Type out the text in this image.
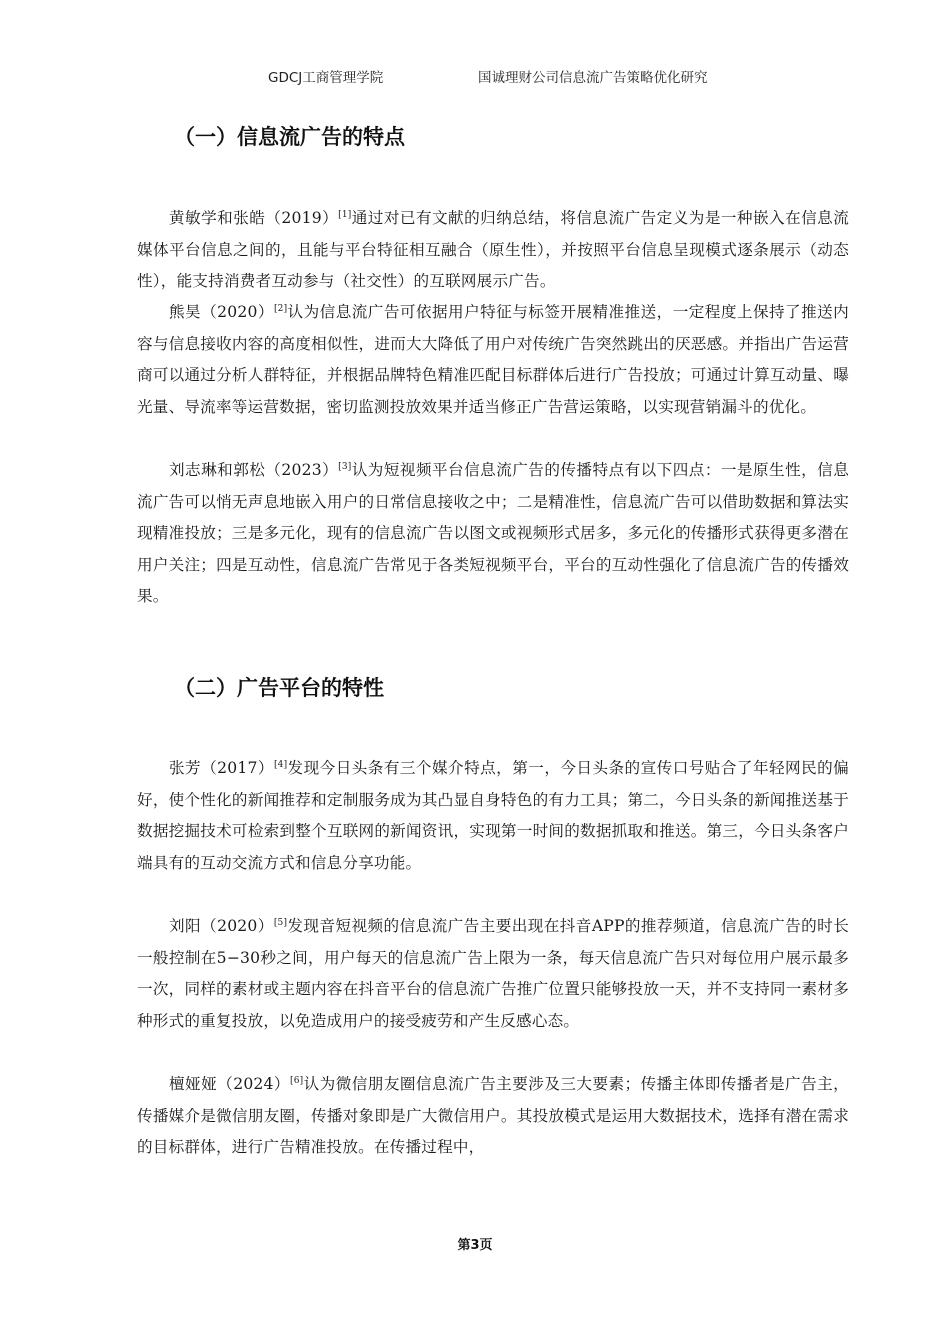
GDCJ工商管理学院	国诚理财公司信息流广告策略优化研究
（一）信息流广告的特点

黄敏学和张皓（2019）[1]通过对已有文献的归纳总结，将信息流广告定义为是一种嵌入在信息流媒体平台信息之间的，且能与平台特征相互融合（原生性），并按照平台信息呈现模式逐条展示（动态性），能支持消费者互动参与（社交性）的互联网展示广告。

熊昊（2020）[2]认为信息流广告可依据用户特征与标签开展精准推送，一定程度上保持了推送内容与信息接收内容的高度相似性，进而大大降低了用户对传统广告突然跳出的厌恶感。并指出广告运营商可以通过分析人群特征，并根据品牌特色精准匹配目标群体后进行广告投放；可通过计算互动量、曝光量、导流率等运营数据，密切监测投放效果并适当修正广告营运策略，以实现营销漏斗的优化。

刘志琳和郭松（2023）[3]认为短视频平台信息流广告的传播特点有以下四点：一是原生性，信息流广告可以悄无声息地嵌入用户的日常信息接收之中；二是精准性，信息流广告可以借助数据和算法实现精准投放；三是多元化，现有的信息流广告以图文或视频形式居多，多元化的传播形式获得更多潜在用户关注；四是互动性，信息流广告常见于各类短视频平台，平台的互动性强化了信息流广告的传播效果。

（二）广告平台的特性

张芳（2017）[4]发现今日头条有三个媒介特点，第一，今日头条的宣传口号贴合了年轻网民的偏好，使个性化的新闻推荐和定制服务成为其凸显自身特色的有力工具；第二，今日头条的新闻推送基于数据挖掘技术可检索到整个互联网的新闻资讯，实现第一时间的数据抓取和推送。第三，今日头条客户端具有的互动交流方式和信息分享功能。

刘阳（2020）[5]发现音短视频的信息流广告主要出现在抖音APP的推荐频道，信息流广告的时长一般控制在5−30秒之间，用户每天的信息流广告上限为一条，每天信息流广告只对每位用户展示最多一次，同样的素材或主题内容在抖音平台的信息流广告推广位置只能够投放一天，并不支持同一素材多种形式的重复投放，以免造成用户的接受疲劳和产生反感心态。

檀娅娅（2024）[6]认为微信朋友圈信息流广告主要涉及三大要素；传播主体即传播者是广告主，传播媒介是微信朋友圈，传播对象即是广大微信用户。其投放模式是运用大数据技术，选择有潜在需求的目标群体，进行广告精准投放。在传播过程中，

第3页
